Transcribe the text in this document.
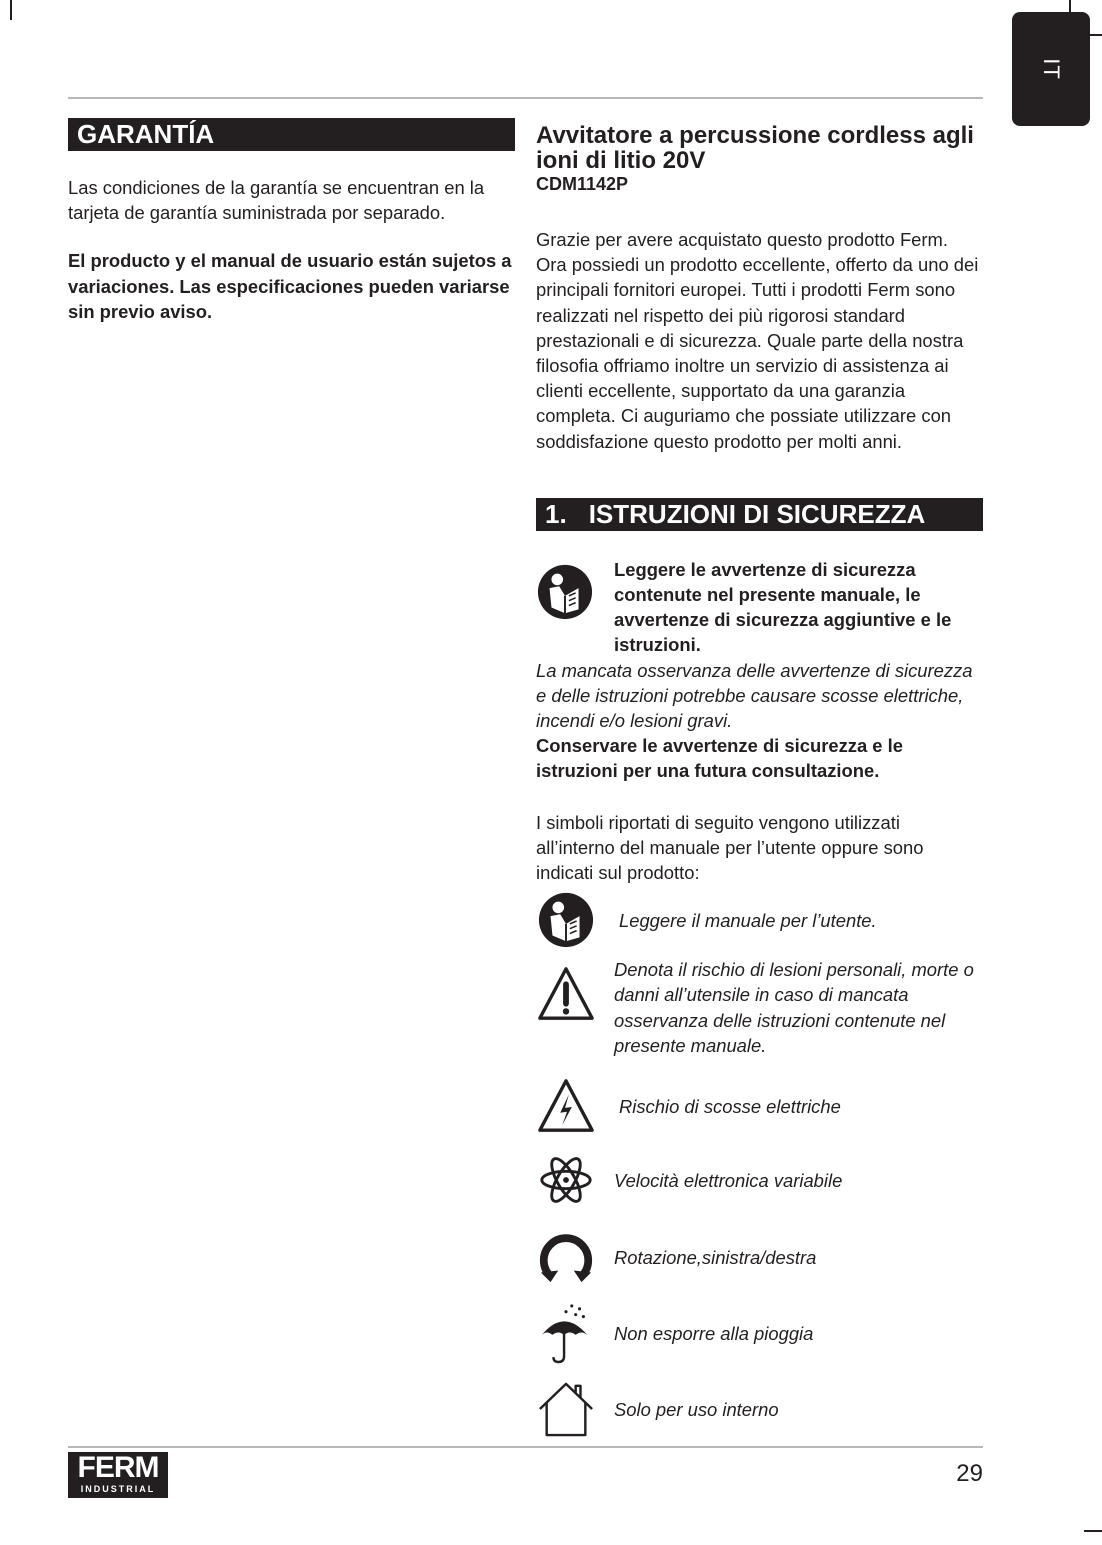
IT
GARANTÍA

Las condiciones de la garantía se encuentran en la tarjeta de garantía suministrada por separado.

El producto y el manual de usuario están sujetos a variaciones. Las especificaciones pueden variarse sin previo aviso.

Avvitatore a percussione cordless agli ioni di litio 20V

CDM1142P

Grazie per avere acquistato questo prodotto Ferm. Ora possiedi un prodotto eccellente, offerto da uno dei principali fornitori europei. Tutti i prodotti Ferm sono realizzati nel rispetto dei più rigorosi standard prestazionali e di sicurezza. Quale parte della nostra filosofia offriamo inoltre un servizio di assistenza ai clienti eccellente, supportato da una garanzia completa. Ci auguriamo che possiate utilizzare con soddisfazione questo prodotto per molti anni.

1. ISTRUZIONI DI SICUREZZA

Leggere le avvertenze di sicurezza contenute nel presente manuale, le avvertenze di sicurezza aggiuntive e le istruzioni.

La mancata osservanza delle avvertenze di sicurezza e delle istruzioni potrebbe causare scosse elettriche, incendi e/o lesioni gravi.

Conservare le avvertenze di sicurezza e le istruzioni per una futura consultazione.

I simboli riportati di seguito vengono utilizzati all’interno del manuale per l’utente oppure sono indicati sul prodotto:

Leggere il manuale per l’utente.
Denota il rischio di lesioni personali, morte o danni all’utensile in caso di mancata osservanza delle istruzioni contenute nel presente manuale.
Rischio di scosse elettriche
Velocità elettronica variabile
Rotazione,sinistra/destra
Non esporre alla pioggia
Solo per uso interno
FERM
INDUSTRIAL
29
